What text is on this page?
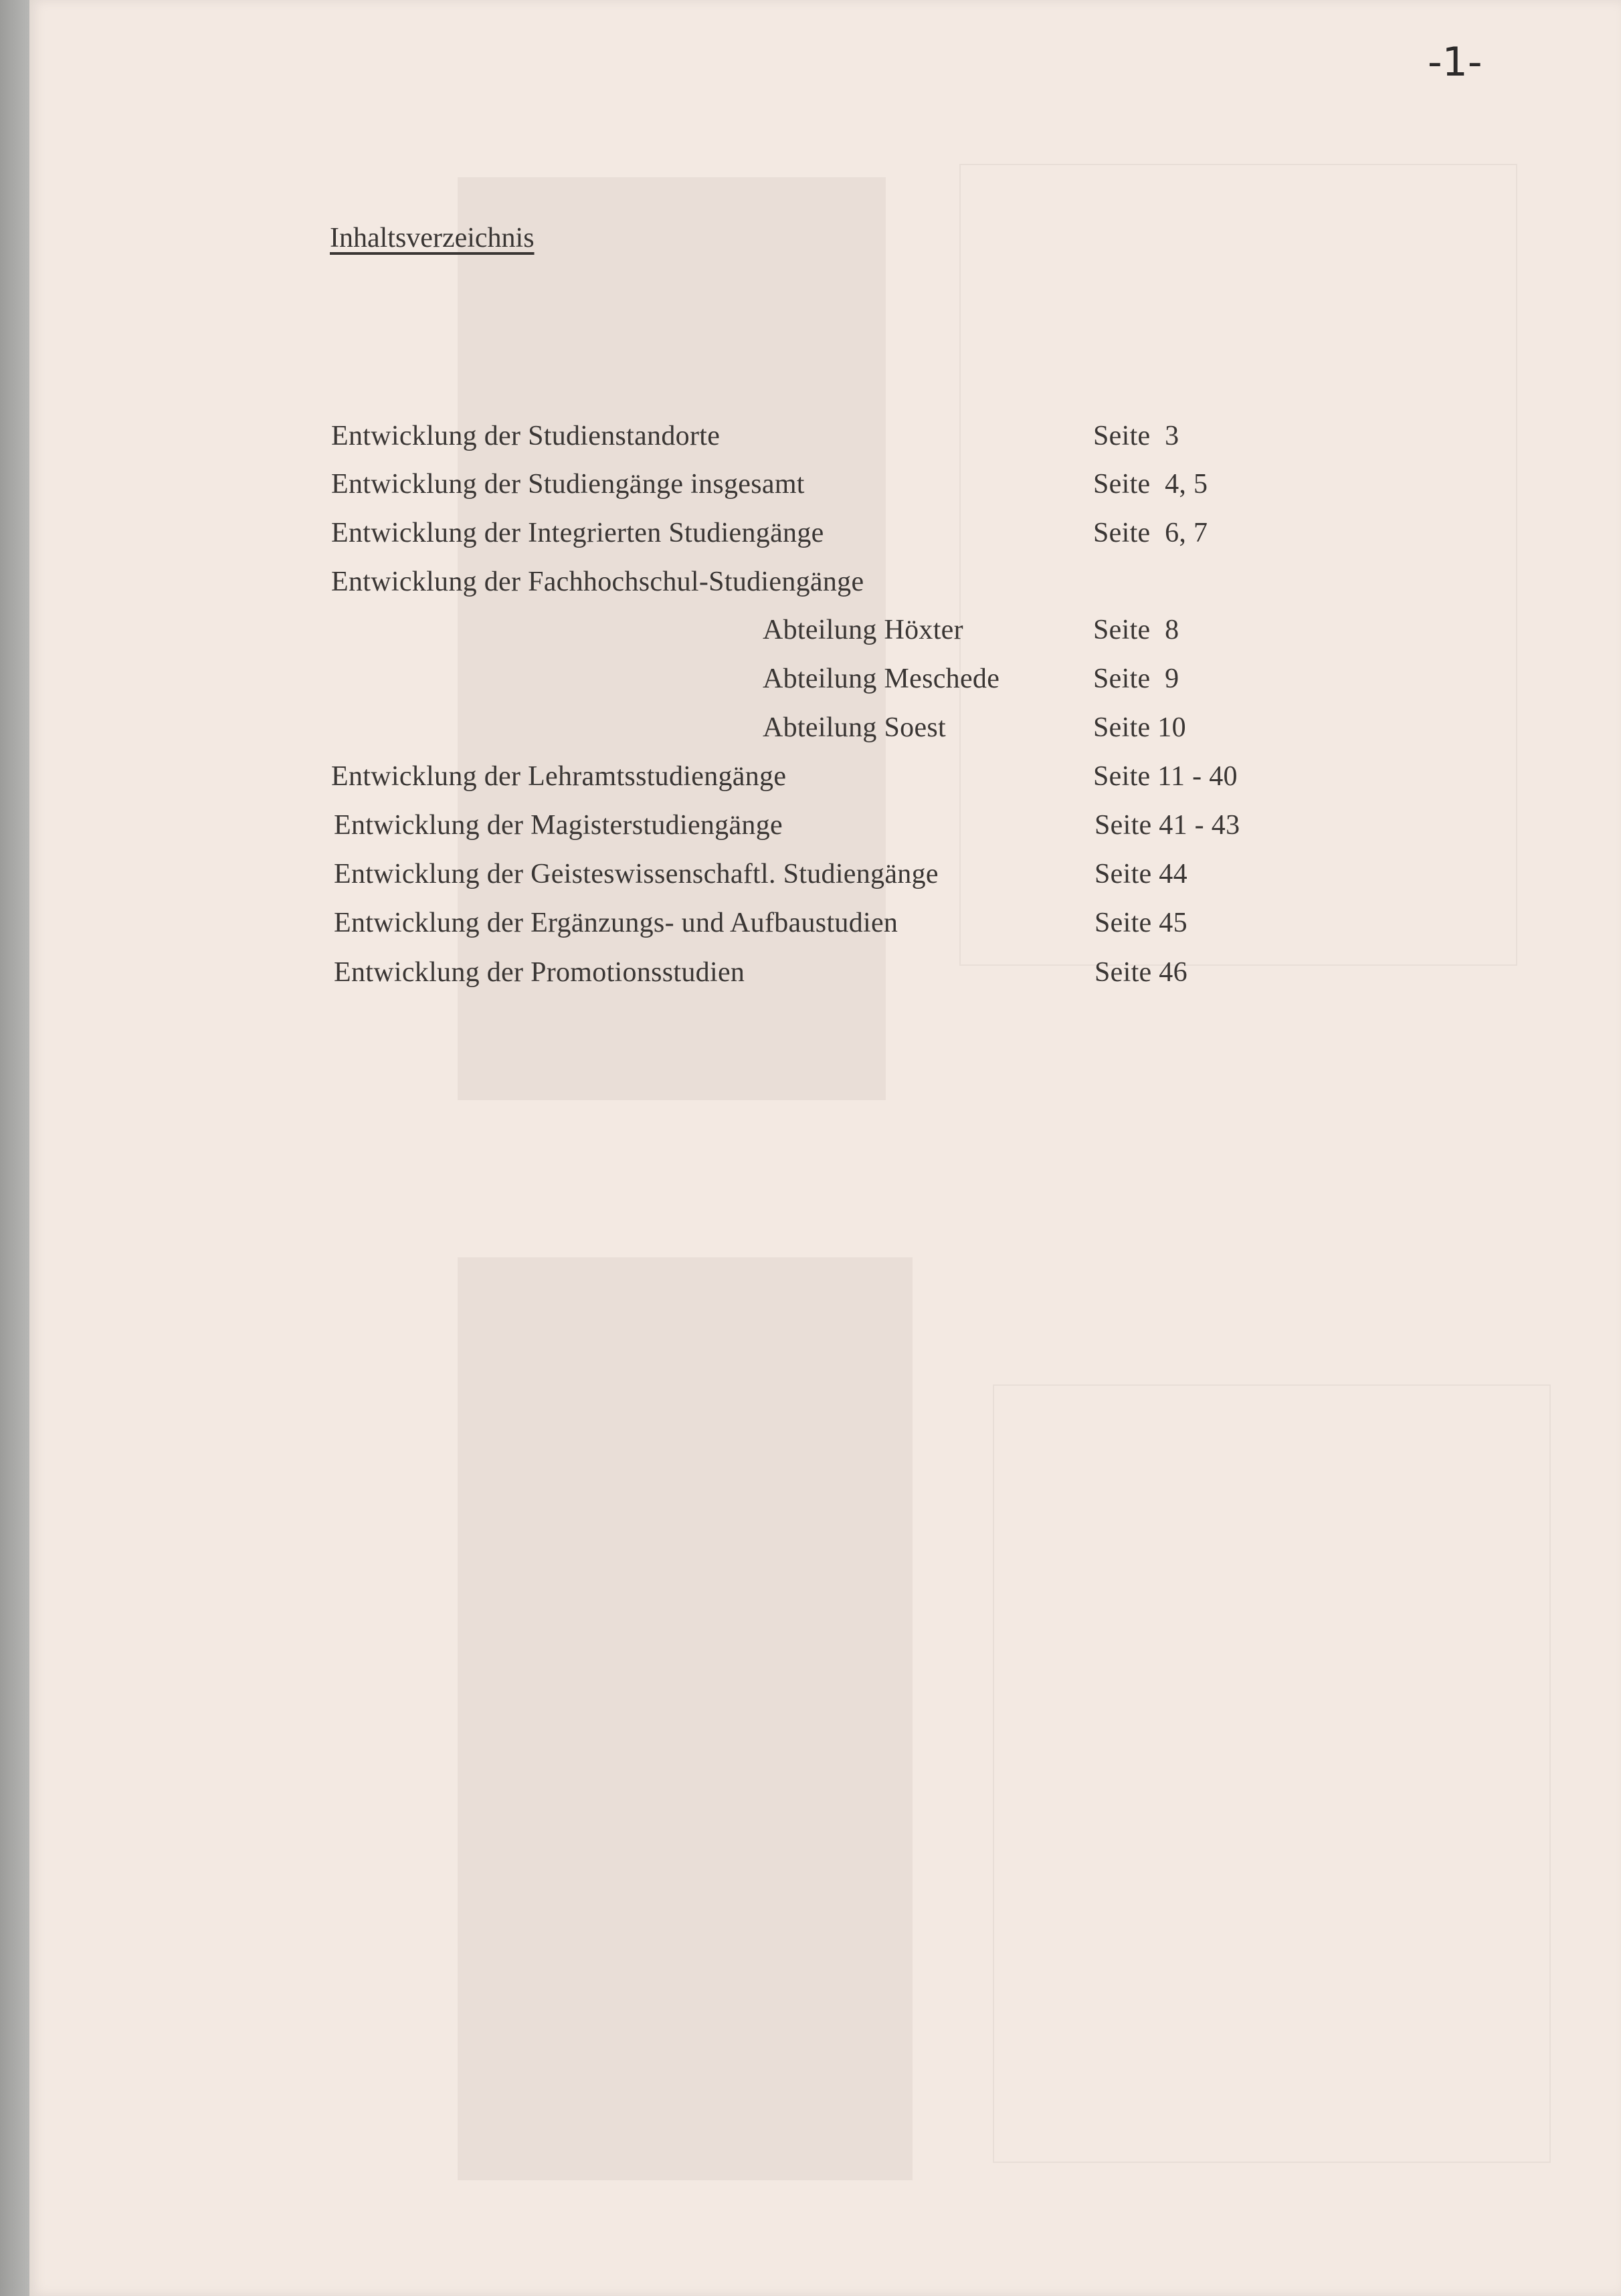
-1-
Inhaltsverzeichnis
Entwicklung der Studienstandorte	Seite  3
Entwicklung der Studiengänge insgesamt	Seite  4, 5
Entwicklung der Integrierten Studiengänge	Seite  6, 7
Entwicklung der Fachhochschul-Studiengänge
Abteilung Höxter	Seite  8
Abteilung Meschede	Seite  9
Abteilung Soest	Seite 10
Entwicklung der Lehramtsstudiengänge	Seite 11 - 40
Entwicklung der Magisterstudiengänge	Seite 41 - 43
Entwicklung der Geisteswissenschaftl. Studiengänge	Seite 44
Entwicklung der Ergänzungs- und Aufbaustudien	Seite 45
Entwicklung der Promotionsstudien	Seite 46
